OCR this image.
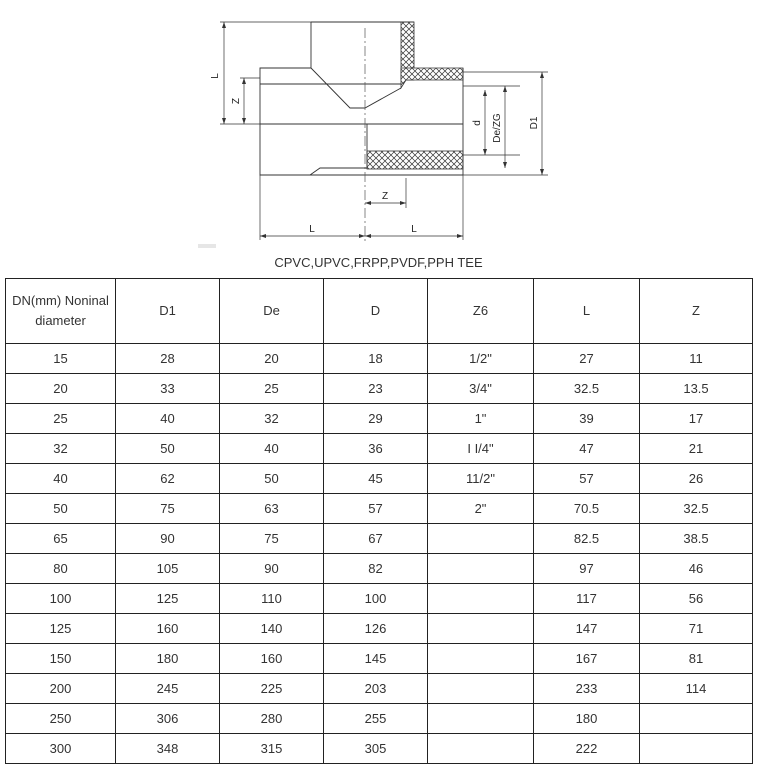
L
Z
d De/ZG	D1
Z
L	L
CPVC,UPVC,FRPP,PVDF,PPH TEE
DN(mm) Noninal diameter	D1	De	D	Z6	L	Z
15	28	20	18	1/2"	27	11
20	33	25	23	3/4"	32.5	13.5
25	40	32	29	1"	39	17
32	50	40	36	I I/4"	47	21
40	62	50	45	11/2"	57	26
50	75	63	57	2"	70.5	32.5
65	90	75	67		82.5	38.5
80	105	90	82		97	46
100	125	110	100		117	56
125	160	140	126		147	71
150	180	160	145		167	81
200	245	225	203		233	114
250	306	280	255		180	
300	348	315	305		222	
